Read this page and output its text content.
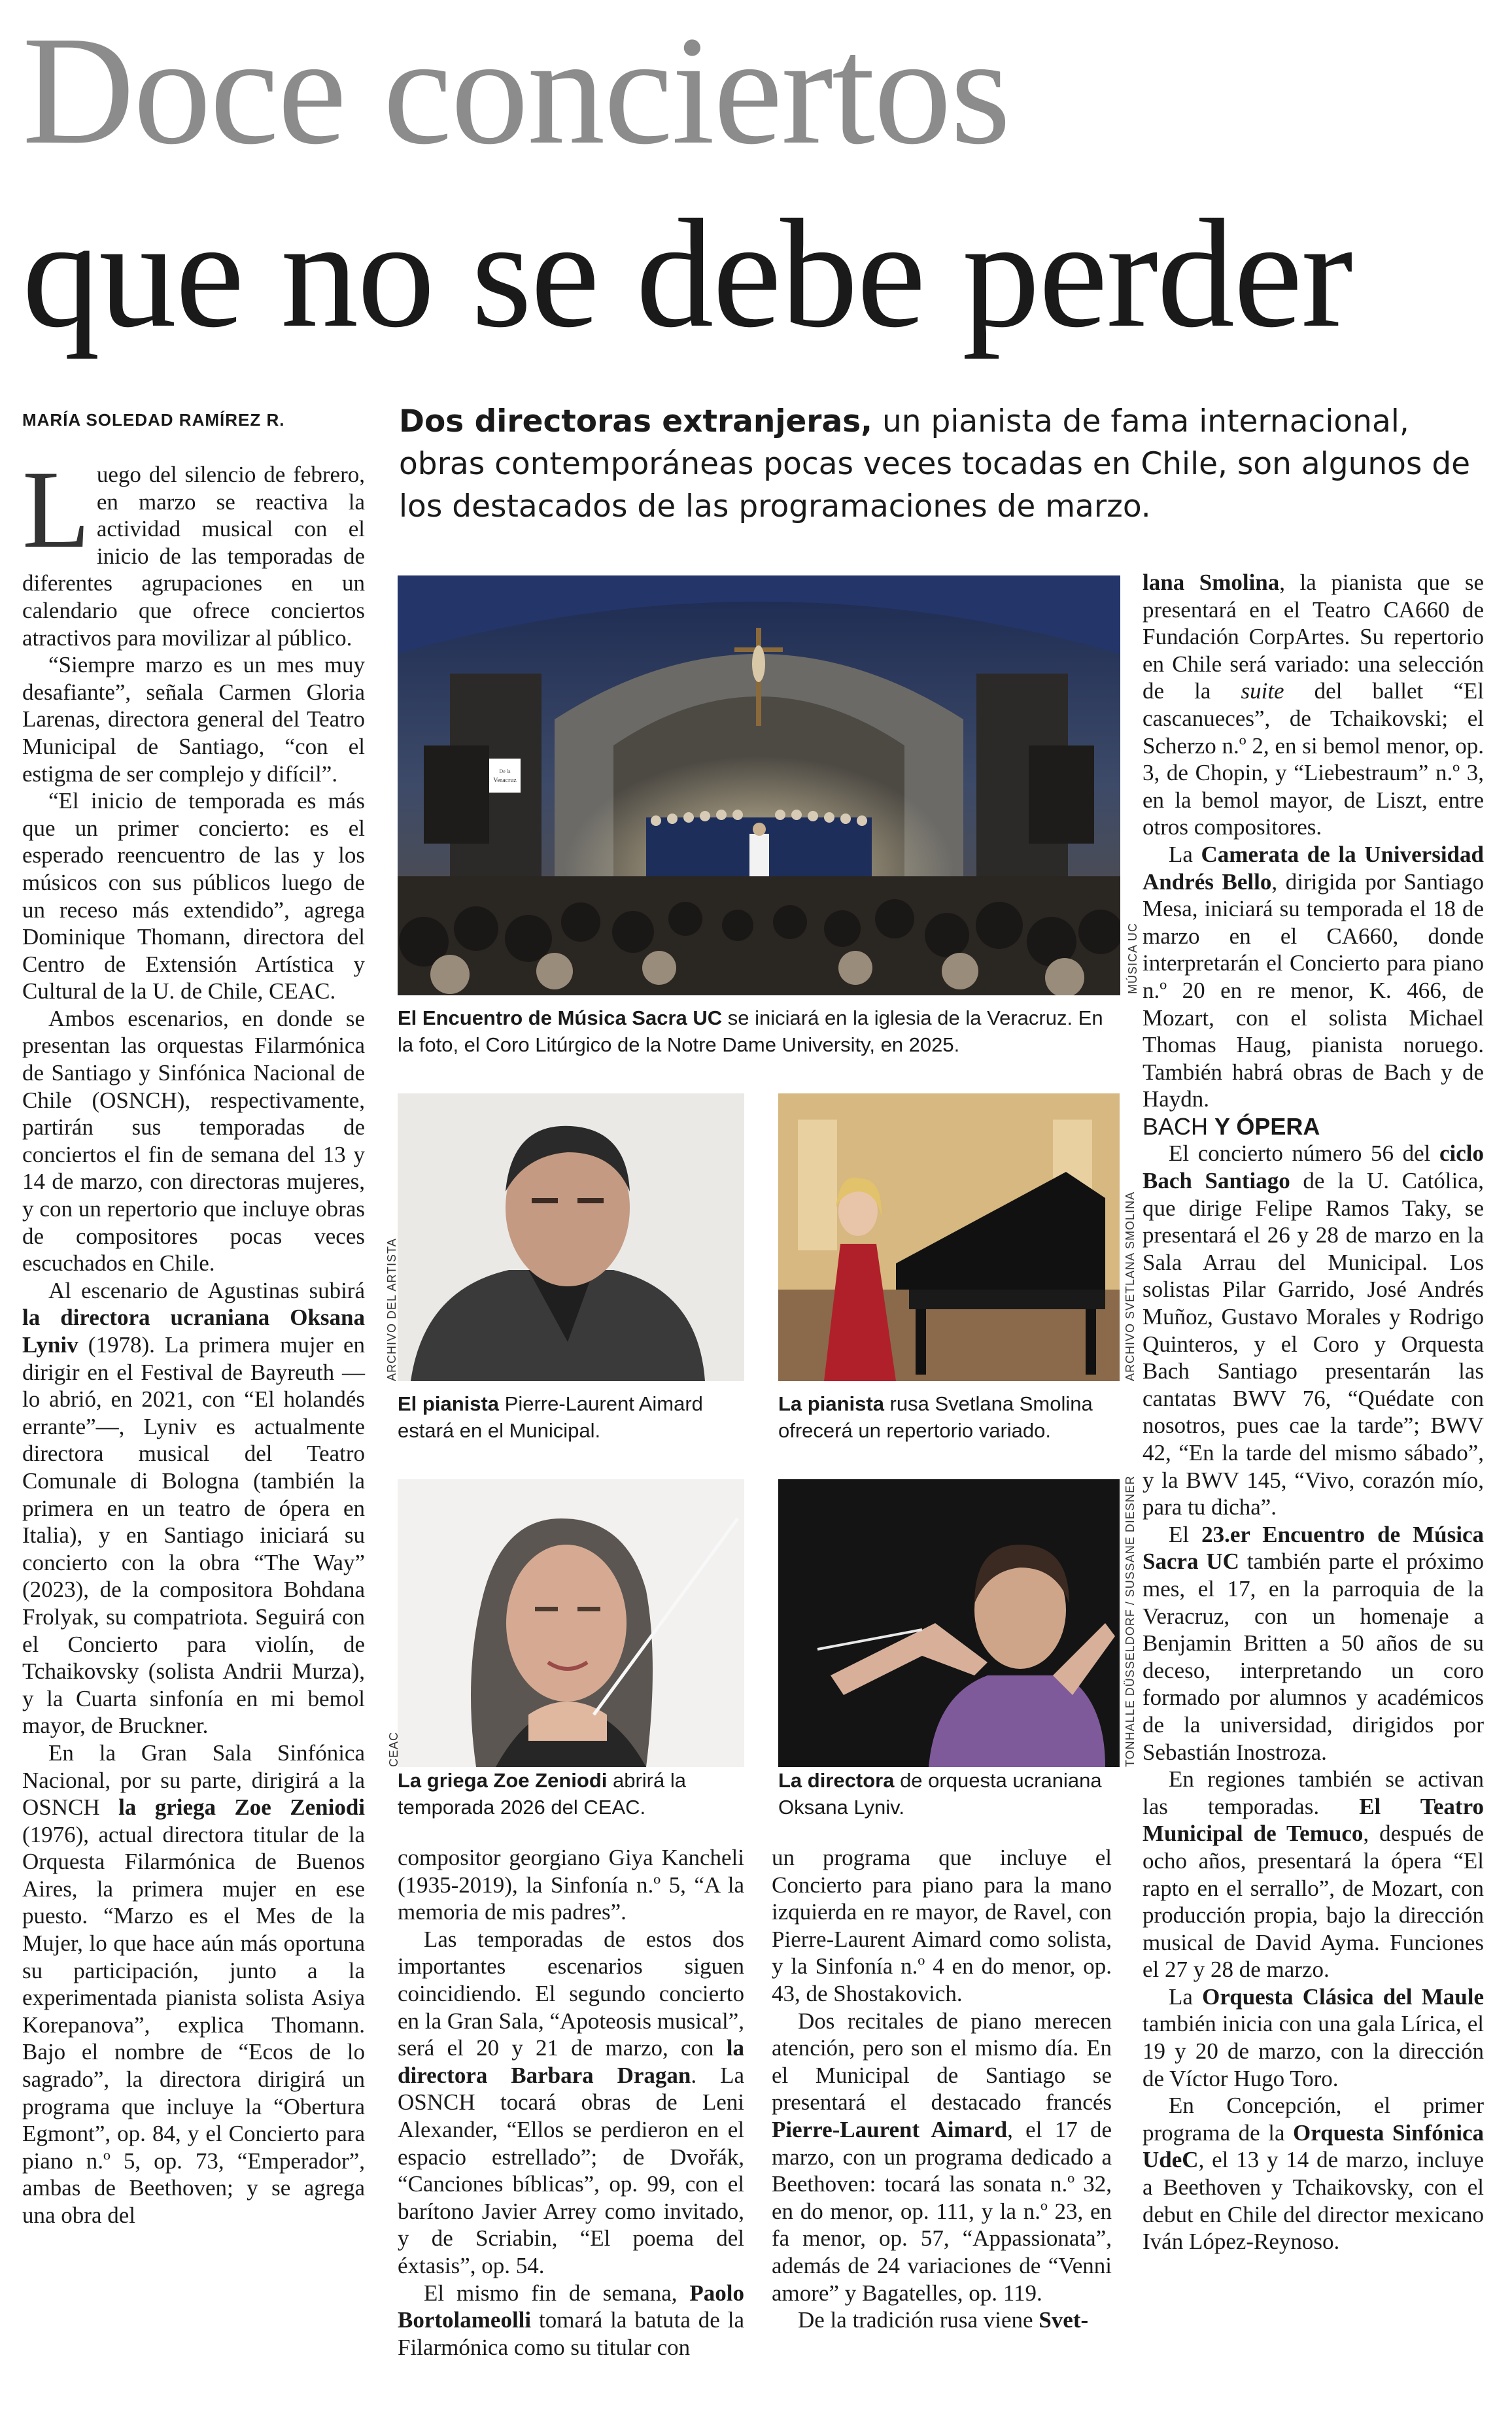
Doce conciertos
que no se debe perder
MARÍA SOLEDAD RAMÍREZ R.	Dos directoras extranjeras, un pianista de fama internacional, obras contemporáneas pocas veces tocadas en Chile, son algunos de los destacados de las programaciones de marzo.

Luego del silencio de febrero, en marzo se reactiva la actividad musical con el inicio de las temporadas de diferentes agrupaciones en un calendario que ofrece conciertos atractivos para movilizar al público.

“Siempre marzo es un mes muy desafiante”, señala Carmen Gloria Larenas, directora general del Teatro Municipal de Santiago, “con el estigma de ser complejo y difícil”.

“El inicio de temporada es más que un primer concierto: es el esperado reencuentro de las y los músicos con sus públicos luego de un receso más extendido”, agrega Dominique Thomann, directora del Centro de Extensión Artística y Cultural de la U. de Chile, CEAC.

Ambos escenarios, en donde se presentan las orquestas Filarmónica de Santiago y Sinfónica Nacional de Chile (OSNCH), respectivamente, partirán sus temporadas de conciertos el fin de semana del 13 y 14 de marzo, con directoras mujeres, y con un repertorio que incluye obras de compositores pocas veces escuchados en Chile.

Al escenario de Agustinas subirá la directora ucraniana Oksana Lyniv (1978). La primera mujer en dirigir en el Festival de Bayreuth —lo abrió, en 2021, con “El holandés errante”—, Lyniv es actualmente directora musical del Teatro Comunale di Bologna (también la primera en un teatro de ópera en Italia), y en Santiago iniciará su concierto con la obra “The Way” (2023), de la compositora Bohdana Frolyak, su compatriota. Seguirá con el Concierto para violín, de Tchaikovsky (solista Andrii Murza), y la Cuarta sinfonía en mi bemol mayor, de Bruckner.

En la Gran Sala Sinfónica Nacional, por su parte, dirigirá a la OSNCH la griega Zoe Zeniodi (1976), actual directora titular de la Orquesta Filarmónica de Buenos Aires, la primera mujer en ese puesto. “Marzo es el Mes de la Mujer, lo que hace aún más oportuna su participación, junto a la experimentada pianista solista Asiya Korepanova”, explica Thomann. Bajo el nombre de “Ecos de lo sagrado”, la directora dirigirá un programa que incluye la “Obertura Egmont”, op. 84, y el Concierto para piano n.º 5, op. 73, “Emperador”, ambas de Beethoven; y se agrega una obra del

De la
Veracruz
MÚSICA UC
El Encuentro de Música Sacra UC se iniciará en la iglesia de la Veracruz. En la foto, el Coro Litúrgico de la Notre Dame University, en 2025.
ARCHIVO DEL ARTISTA
El pianista Pierre-Laurent Aimard estará en el Municipal.
ARCHIVO SVETLANA SMOLINA
La pianista rusa Svetlana Smolina ofrecerá un repertorio variado.
CEAC
La griega Zoe Zeniodi abrirá la temporada 2026 del CEAC.
TONHALLE DÜSSELDORF / SUSSANE DIESNER
La directora de orquesta ucraniana Oksana Lyniv.

compositor georgiano Giya Kancheli (1935-2019), la Sinfonía n.º 5, “A la memoria de mis padres”.

Las temporadas de estos dos importantes escenarios siguen coincidiendo. El segundo concierto en la Gran Sala, “Apoteosis musical”, será el 20 y 21 de marzo, con la directora Barbara Dragan. La OSNCH tocará obras de Leni Alexander, “Ellos se perdieron en el espacio estrellado”; de Dvořák, “Canciones bíblicas”, op. 99, con el barítono Javier Arrey como invitado, y de Scriabin, “El poema del éxtasis”, op. 54.

El mismo fin de semana, Paolo Bortolameolli tomará la batuta de la Filarmónica como su titular con

un programa que incluye el Concierto para piano para la mano izquierda en re mayor, de Ravel, con Pierre-Laurent Aimard como solista, y la Sinfonía n.º 4 en do menor, op. 43, de Shostakovich.

Dos recitales de piano merecen atención, pero son el mismo día. En el Municipal de Santiago se presentará el destacado francés Pierre-Laurent Aimard, el 17 de marzo, con un programa dedicado a Beethoven: tocará las sonata n.º 32, en do menor, op. 111, y la n.º 23, en fa menor, op. 57, “Appassionata”, además de 24 variaciones de “Venni amore” y Bagatelles, op. 119.

De la tradición rusa viene Svet-

lana Smolina, la pianista que se presentará en el Teatro CA660 de Fundación CorpArtes. Su repertorio en Chile será variado: una selección de la suite del ballet “El cascanueces”, de Tchaikovski; el Scherzo n.º 2, en si bemol menor, op. 3, de Chopin, y “Liebestraum” n.º 3, en la bemol mayor, de Liszt, entre otros compositores.

La Camerata de la Universidad Andrés Bello, dirigida por Santiago Mesa, iniciará su temporada el 18 de marzo en el CA660, donde interpretarán el Concierto para piano n.º 20 en re menor, K. 466, de Mozart, con el solista Michael Thomas Haug, pianista noruego. También habrá obras de Bach y de Haydn.

BACH Y ÓPERA

El concierto número 56 del ciclo Bach Santiago de la U. Católica, que dirige Felipe Ramos Taky, se presentará el 26 y 28 de marzo en la Sala Arrau del Municipal. Los solistas Pilar Garrido, José Andrés Muñoz, Gustavo Morales y Rodrigo Quinteros, y el Coro y Orquesta Bach Santiago presentarán las cantatas BWV 76, “Quédate con nosotros, pues cae la tarde”; BWV 42, “En la tarde del mismo sábado”, y la BWV 145, “Vivo, corazón mío, para tu dicha”.

El 23.er Encuentro de Música Sacra UC también parte el próximo mes, el 17, en la parroquia de la Veracruz, con un homenaje a Benjamin Britten a 50 años de su deceso, interpretando un coro formado por alumnos y académicos de la universidad, dirigidos por Sebastián Inostroza.

En regiones también se activan las temporadas. El Teatro Municipal de Temuco, después de ocho años, presentará la ópera “El rapto en el serrallo”, de Mozart, con producción propia, bajo la dirección musical de David Ayma. Funciones el 27 y 28 de marzo.

La Orquesta Clásica del Maule también inicia con una gala Lírica, el 19 y 20 de marzo, con la dirección de Víctor Hugo Toro.

En Concepción, el primer programa de la Orquesta Sinfónica UdeC, el 13 y 14 de marzo, incluye a Beethoven y Tchaikovsky, con el debut en Chile del director mexicano Iván López-Reynoso.
